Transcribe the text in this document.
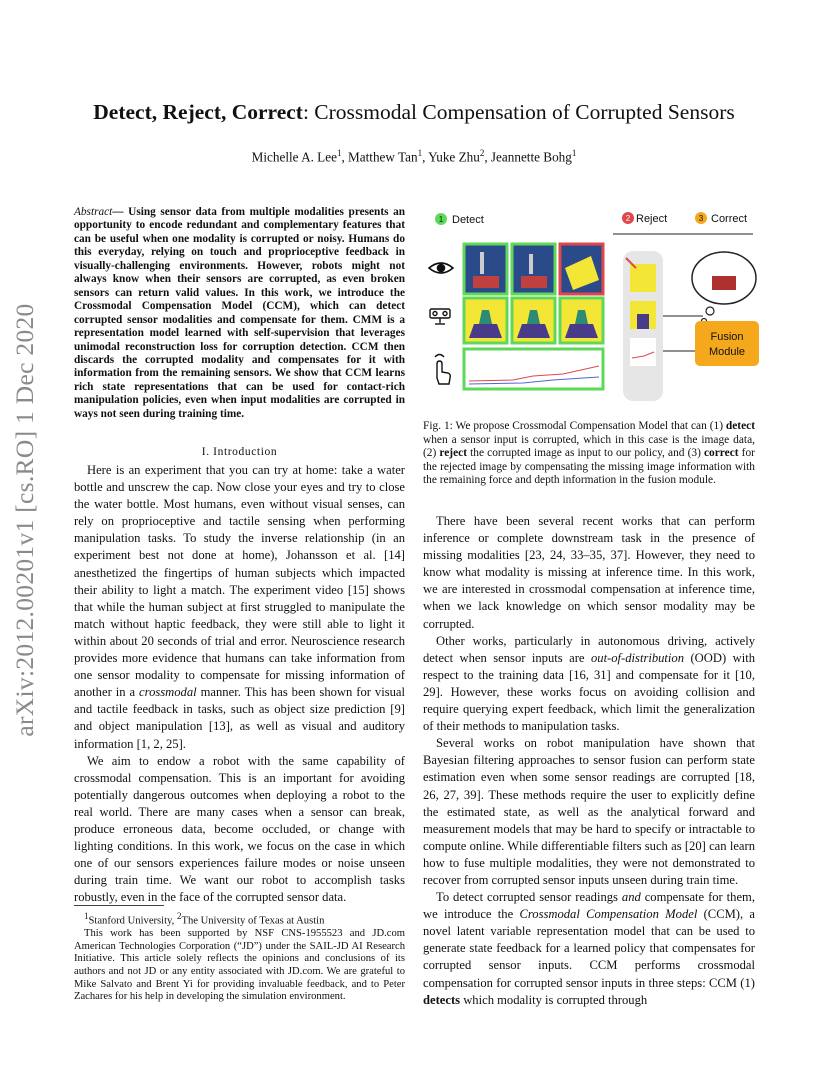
arXiv:2012.00201v1 [cs.RO] 1 Dec 2020
Detect, Reject, Correct: Crossmodal Compensation of Corrupted Sensors
Michelle A. Lee$^1$, Matthew Tan$^1$, Yuke Zhu$^2$, Jeannette Bohg$^1$
Abstract— Using sensor data from multiple modalities presents an opportunity to encode redundant and complementary features that can be useful when one modality is corrupted or noisy. Humans do this everyday, relying on touch and proprioceptive feedback in visually-challenging environments. However, robots might not always know when their sensors are corrupted, as even broken sensors can return valid values. In this work, we introduce the Crossmodal Compensation Model (CCM), which can detect corrupted sensor modalities and compensate for them. CMM is a representation model learned with self-supervision that leverages unimodal reconstruction loss for corruption detection. CCM then discards the corrupted modality and compensates for it with information from the remaining sensors. We show that CCM learns rich state representations that can be used for contact-rich manipulation policies, even when input modalities are corrupted in ways not seen during training time.
I. Introduction

Here is an experiment that you can try at home: take a water bottle and unscrew the cap. Now close your eyes and try to close the water bottle. Most humans, even without visual senses, can rely on proprioceptive and tactile sensing when performing manipulation tasks. To study the inverse relationship (in an experiment best not done at home), Johansson et al. [14] anesthetized the fingertips of human subjects which impacted their ability to light a match. The experiment video [15] shows that while the human subject at first struggled to manipulate the match without haptic feedback, they were still able to light it within about 20 seconds of trial and error. Neuroscience research provides more evidence that humans can take information from one sensor modality to compensate for missing information of another in a crossmodal manner. This has been shown for visual and tactile feedback in tasks, such as object size prediction [9] and object manipulation [13], as well as visual and auditory information [1, 2, 25].

We aim to endow a robot with the same capability of crossmodal compensation. This is an important for avoiding potentially dangerous outcomes when deploying a robot to the real world. There are many cases when a sensor can break, produce erroneous data, become occluded, or change with lighting conditions. In this work, we focus on the case in which one of our sensors experiences failure modes or noise unseen during train time. We want our robot to accomplish tasks robustly, even in the face of the corrupted sensor data.

$^1$Stanford University, $^2$The University of Texas at Austin

This work has been supported by NSF CNS-1955523 and JD.com American Technologies Corporation (“JD”) under the SAIL-JD AI Research Initiative. This article solely reflects the opinions and conclusions of its authors and not JD or any entity associated with JD.com. We are grateful to Mike Salvato and Brent Yi for providing invaluable feedback, and to Peter Zachares for his help in developing the simulation environment.

1 Detect	2 Reject	3 Correct
Fusion
Module
Fig. 1: We propose Crossmodal Compensation Model that can (1) detect when a sensor input is corrupted, which in this case is the image data, (2) reject the corrupted image as input to our policy, and (3) correct for the rejected image by compensating the missing image information with the remaining force and depth information in the fusion module.

There have been several recent works that can perform inference or complete downstream task in the presence of missing modalities [23, 24, 33–35, 37]. However, they need to know what modality is missing at inference time. In this work, we are interested in crossmodal compensation at inference time, when we lack knowledge on which sensor modality may be corrupted.

Other works, particularly in autonomous driving, actively detect when sensor inputs are out-of-distribution (OOD) with respect to the training data [16, 31] and compensate for it [10, 29]. However, these works focus on avoiding collision and require querying expert feedback, which limit the generalization of their methods to manipulation tasks.

Several works on robot manipulation have shown that Bayesian filtering approaches to sensor fusion can perform state estimation even when some sensor readings are corrupted [18, 26, 27, 39]. These methods require the user to explicitly define the estimated state, as well as the analytical forward and measurement models that may be hard to specify or intractable to compute online. While differentiable filters such as [20] can learn how to fuse multiple modalities, they were not demonstrated to recover from corrupted sensor inputs unseen during train time.

To detect corrupted sensor readings and compensate for them, we introduce the Crossmodal Compensation Model (CCM), a novel latent variable representation model that can be used to generate state feedback for a learned policy that compensates for corrupted sensor inputs. CCM performs crossmodal compensation for corrupted sensor inputs in three steps: CCM (1) detects which modality is corrupted through
